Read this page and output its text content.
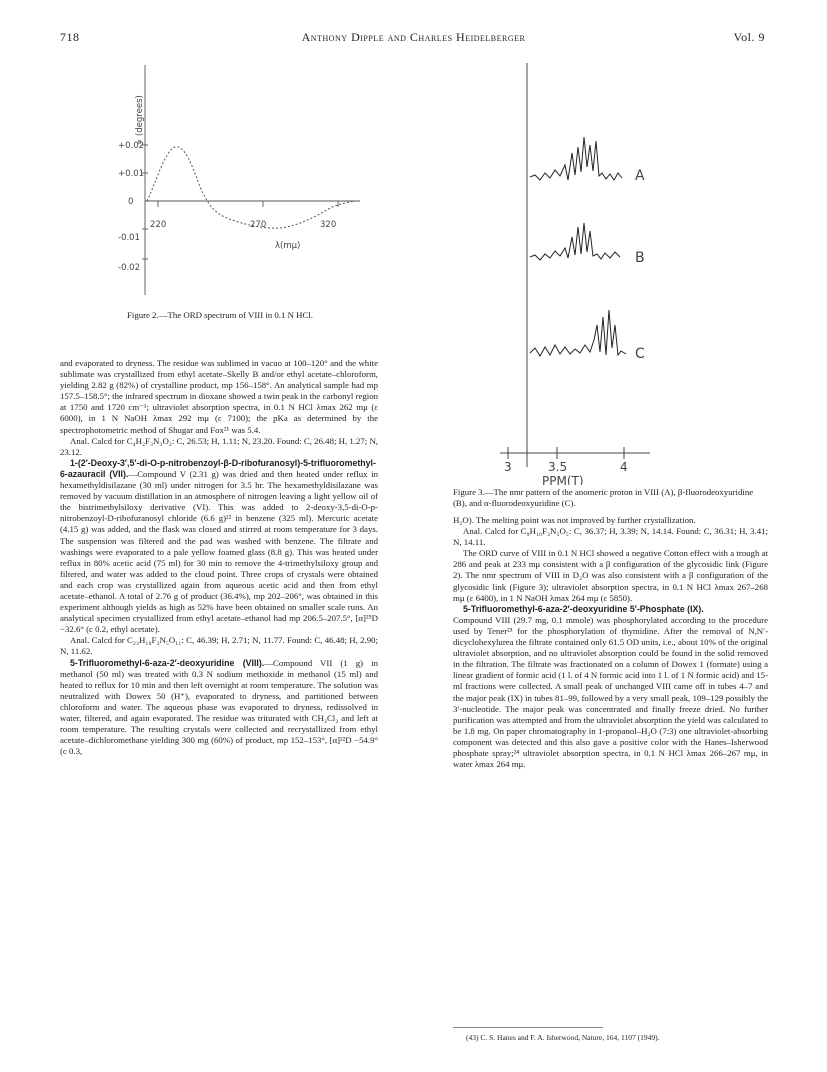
718	Anthony Dipple and Charles Heidelberger	Vol. 9
∝ (degrees)
+0.02
+0.01
0
-0.01
-0.02
220	270	320
λ(mμ)
Figure 2.—The ORD spectrum of VIII in 0.1 N HCl.
A
B
C
3	3.5	4
PPM(T)
Figure 3.—The nmr pattern of the anomeric proton in VIII (A), β-fluorodeoxyuridine (B), and α-fluorodeoxyuridine (C).

and evaporated to dryness. The residue was sublimed in vacuo at 100–120° and the white sublimate was crystallized from ethyl acetate–Skelly B and/or ethyl acetate–chloroform, yielding 2.82 g (82%) of crystalline product, mp 156–158°. An analytical sample had mp 157.5–158.5°; the infrared spectrum in dioxane showed a twin peak in the carbonyl region at 1750 and 1720 cm⁻¹; ultraviolet absorption spectra, in 0.1 N HCl λmax 262 mμ (ε 6000), in 1 N NaOH λmax 292 mμ (ε 7100); the pKa as determined by the spectrophotometric method of Shugar and Fox²¹ was 5.4.

Anal. Calcd for C₄H₂F₃N₃O₂: C, 26.53; H, 1.11; N, 23.20. Found: C, 26.48; H, 1.27; N, 23.12.

1-(2′-Deoxy-3′,5′-di-O-p-nitrobenzoyl-β-D-ribofuranosyl)-5-trifluoromethyl-6-azauracil (VII).—Compound V (2.31 g) was dried and then heated under reflux in hexamethyldisilazane (30 ml) under nitrogen for 3.5 hr. The hexamethyldisilazane was removed by vacuum distillation in an atmosphere of nitrogen leaving a light yellow oil of the bistrimethylsiloxy derivative (VI). This was added to 2-deoxy-3,5-di-O-p-nitrobenzoyl-D-ribofuranosyl chloride (6.6 g)²² in benzene (325 ml). Mercuric acetate (4.15 g) was added, and the flask was closed and stirred at room temperature for 3 days. The suspension was filtered and the pad was washed with benzene. The filtrate and washings were evaporated to a pale yellow foamed glass (8.8 g). This was heated under reflux in 80% acetic acid (75 ml) for 30 min to remove the 4-trimethylsiloxy group and filtered, and water was added to the cloud point. Three crops of crystals were obtained and each crop was crystallized again from aqueous acetic acid and then from ethyl acetate–ethanol. A total of 2.76 g of product (36.4%), mp 202–206°, was obtained in this experiment although yields as high as 52% have been obtained on smaller scale runs. An analytical specimen crystallized from ethyl acetate–ethanol had mp 206.5–207.5°, [α]²⁵D −32.6° (c 0.2, ethyl acetate).

Anal. Calcd for C₂₃H₁₆F₃N₅O₁₁: C, 46.39; H, 2.71; N, 11.77. Found: C, 46.48; H, 2.90; N, 11.62.

5-Trifluoromethyl-6-aza-2′-deoxyuridine (VIII).—Compound VII (1 g) in methanol (50 ml) was treated with 0.3 N sodium methoxide in methanol (15 ml) and heated to reflux for 10 min and then left overnight at room temperature. The solution was neutralized with Dowex 50 (H⁺), evaporated to dryness, and partitioned between chloroform and water. The aqueous phase was evaporated to dryness, redissolved in water, filtered, and again evaporated. The residue was triturated with CH₂Cl₂ and left at room temperature. The resulting crystals were collected and recrystallized from ethyl acetate–dichloromethane yielding 300 mg (60%) of product, mp 152–153°, [α]²²D −54.9° (c 0.3,

H₂O). The melting point was not improved by further crystallization.

Anal. Calcd for C₉H₁₀F₃N₃O₅: C, 36.37; H, 3.39; N, 14.14. Found: C, 36.31; H, 3.41; N, 14.11.

The ORD curve of VIII in 0.1 N HCl showed a negative Cotton effect with a trough at 286 and peak at 233 mμ consistent with a β configuration of the glycosidic link (Figure 2). The nmr spectrum of VIII in D₂O was also consistent with a β configuration of the glycosidic link (Figure 3); ultraviolet absorption spectra, in 0.1 N HCl λmax 267–268 mμ (ε 6400), in 1 N NaOH λmax 264 mμ (ε 5850).

5-Trifluoromethyl-6-aza-2′-deoxyuridine 5′-Phosphate (IX).

Compound VIII (29.7 mg, 0.1 mmole) was phosphorylated according to the procedure used by Tener²³ for the phosphorylation of thymidine. After the removal of N,N′-dicyclohexylurea the filtrate contained only 61.5 OD units, i.e., about 10% of the original ultraviolet absorption, and no ultraviolet absorption could be found in the solid removed in the filtration. The filtrate was fractionated on a column of Dowex 1 (formate) using a linear gradient of formic acid (1 l. of 4 N formic acid into 1 l. of 1 N formic acid) and 15-ml fractions were collected. A small peak of unchanged VIII came off in tubes 4–7 and the major peak (IX) in tubes 81–99, followed by a very small peak, 109–129 possibly the 3′-nucleotide. The major peak was concentrated and finally freeze dried. No further purification was attempted and from the ultraviolet absorption the yield was calculated to be 1.8 mg. On paper chromatography in 1-propanol–H₂O (7:3) one ultraviolet-absorbing component was detected and this also gave a positive color with the Hanes–Isherwood phosphate spray;²⁴ ultraviolet absorption spectra, in 0.1 N HCl λmax 266–267 mμ, in water λmax 264 mμ.

(43) C. S. Hanes and F. A. Isherwood, Nature, 164, 1107 (1949).
